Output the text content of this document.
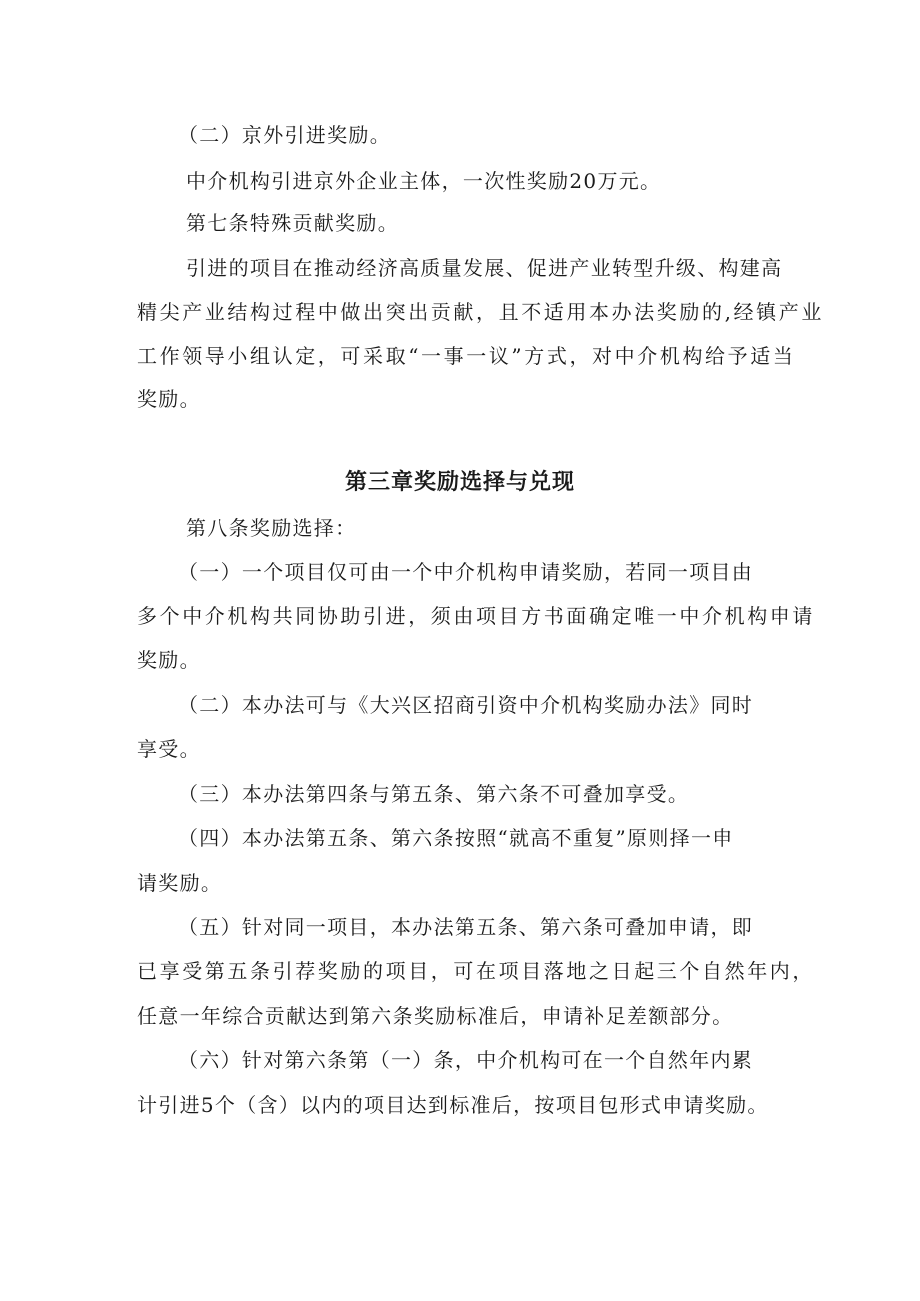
（二）京外引进奖励。
中介机构引进京外企业主体，一次性奖励20万元。
第七条特殊贡献奖励。
引进的项目在推动经济高质量发展、促进产业转型升级、构建高
精尖产业结构过程中做出突出贡献，且不适用本办法奖励的,经镇产业
工作领导小组认定，可采取“一事一议”方式，对中介机构给予适当
奖励。
第三章奖励选择与兑现
第八条奖励选择：
（一）一个项目仅可由一个中介机构申请奖励，若同一项目由
多个中介机构共同协助引进，须由项目方书面确定唯一中介机构申请
奖励。
（二）本办法可与《大兴区招商引资中介机构奖励办法》同时
享受。
（三）本办法第四条与第五条、第六条不可叠加享受。
（四）本办法第五条、第六条按照“就高不重复”原则择一申
请奖励。
（五）针对同一项目，本办法第五条、第六条可叠加申请，即
已享受第五条引荐奖励的项目，可在项目落地之日起三个自然年内，
任意一年综合贡献达到第六条奖励标准后，申请补足差额部分。
（六）针对第六条第（一）条，中介机构可在一个自然年内累
计引进5个（含）以内的项目达到标准后，按项目包形式申请奖励。
